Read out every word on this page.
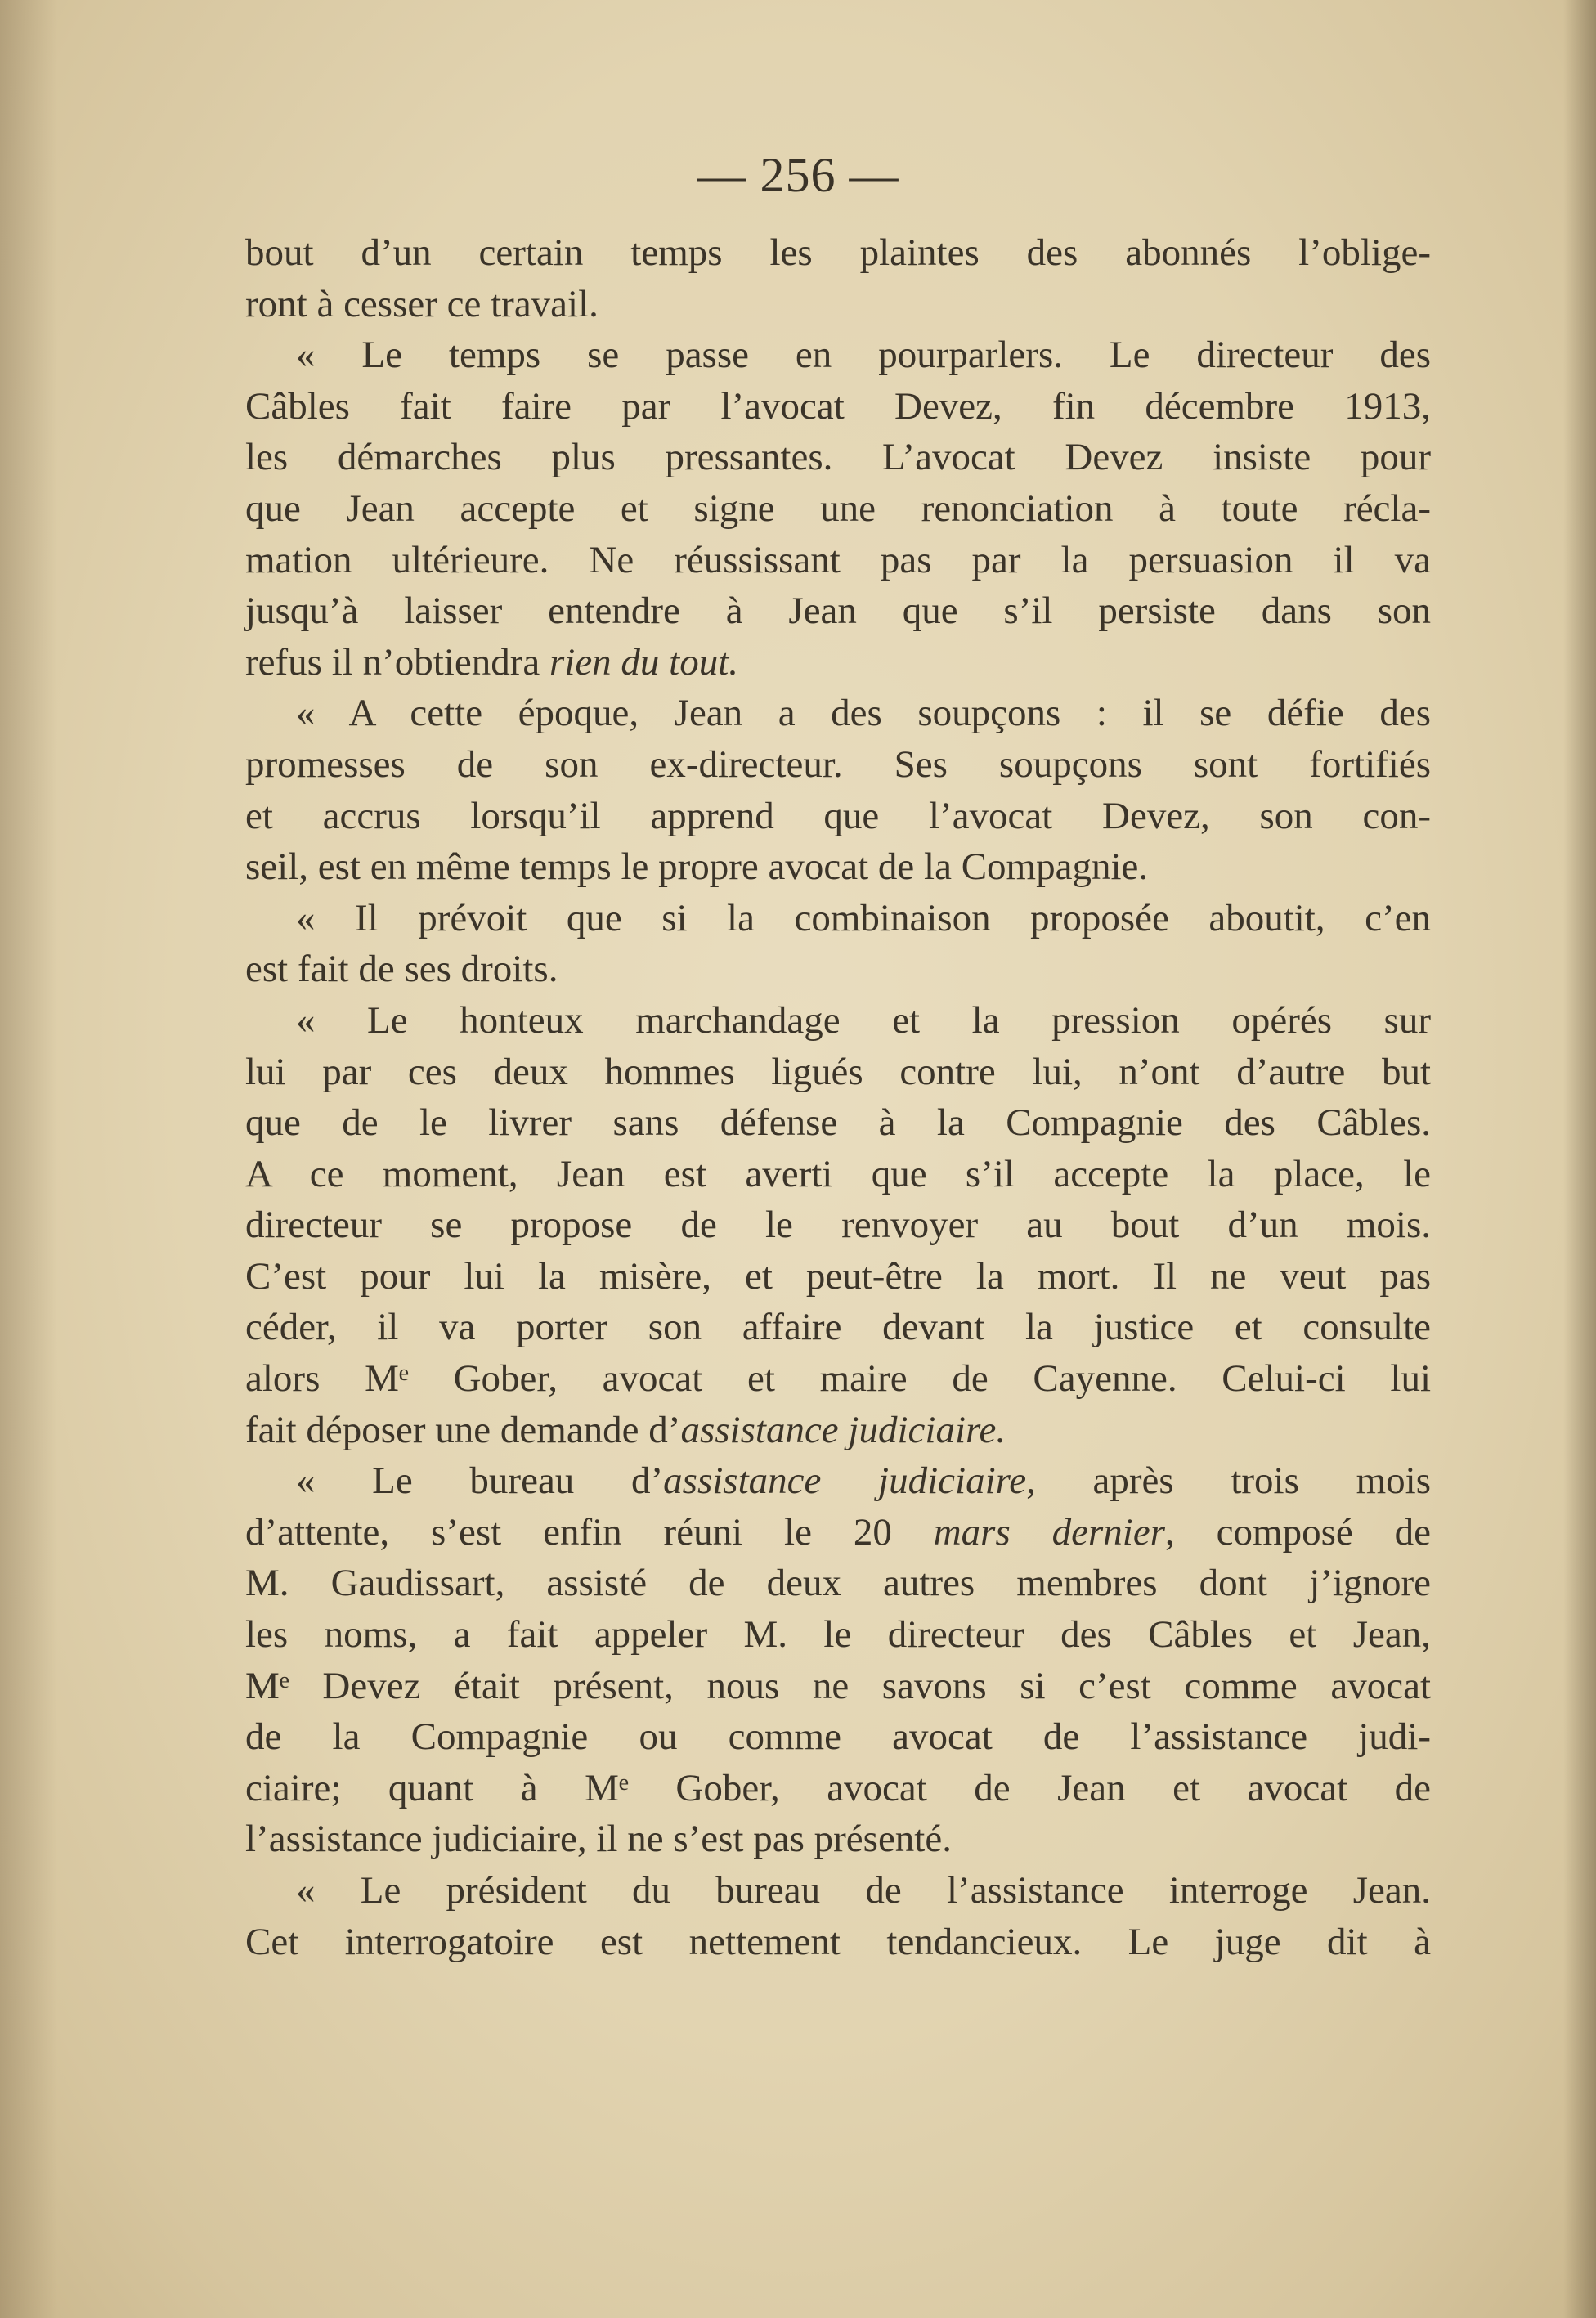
— 256 —
bout d’un certain temps les plaintes des abonnés l’oblige-
ront à cesser ce travail.
« Le temps se passe en pourparlers. Le directeur des
Câbles fait faire par l’avocat Devez, fin décembre 1913,
les démarches plus pressantes. L’avocat Devez insiste pour
que Jean accepte et signe une renonciation à toute récla-
mation ultérieure. Ne réussissant pas par la persuasion il va
jusqu’à laisser entendre à Jean que s’il persiste dans son
refus il n’obtiendra rien du tout.
« A cette époque, Jean a des soupçons : il se défie des
promesses de son ex-directeur. Ses soupçons sont fortifiés
et accrus lorsqu’il apprend que l’avocat Devez, son con-
seil, est en même temps le propre avocat de la Compagnie.
« Il prévoit que si la combinaison proposée aboutit, c’en
est fait de ses droits.
« Le honteux marchandage et la pression opérés sur
lui par ces deux hommes ligués contre lui, n’ont d’autre but
que de le livrer sans défense à la Compagnie des Câbles.
A ce moment, Jean est averti que s’il accepte la place, le
directeur se propose de le renvoyer au bout d’un mois.
C’est pour lui la misère, et peut-être la mort. Il ne veut pas
céder, il va porter son affaire devant la justice et consulte
alors Mᵉ Gober, avocat et maire de Cayenne. Celui-ci lui
fait déposer une demande d’assistance judiciaire.
« Le bureau d’assistance judiciaire, après trois mois
d’attente, s’est enfin réuni le 20 mars dernier, composé de
M. Gaudissart, assisté de deux autres membres dont j’ignore
les noms, a fait appeler M. le directeur des Câbles et Jean,
Mᵉ Devez était présent, nous ne savons si c’est comme avocat
de la Compagnie ou comme avocat de l’assistance judi-
ciaire; quant à Mᵉ Gober, avocat de Jean et avocat de
l’assistance judiciaire, il ne s’est pas présenté.
« Le président du bureau de l’assistance interroge Jean.
Cet interrogatoire est nettement tendancieux. Le juge dit à
